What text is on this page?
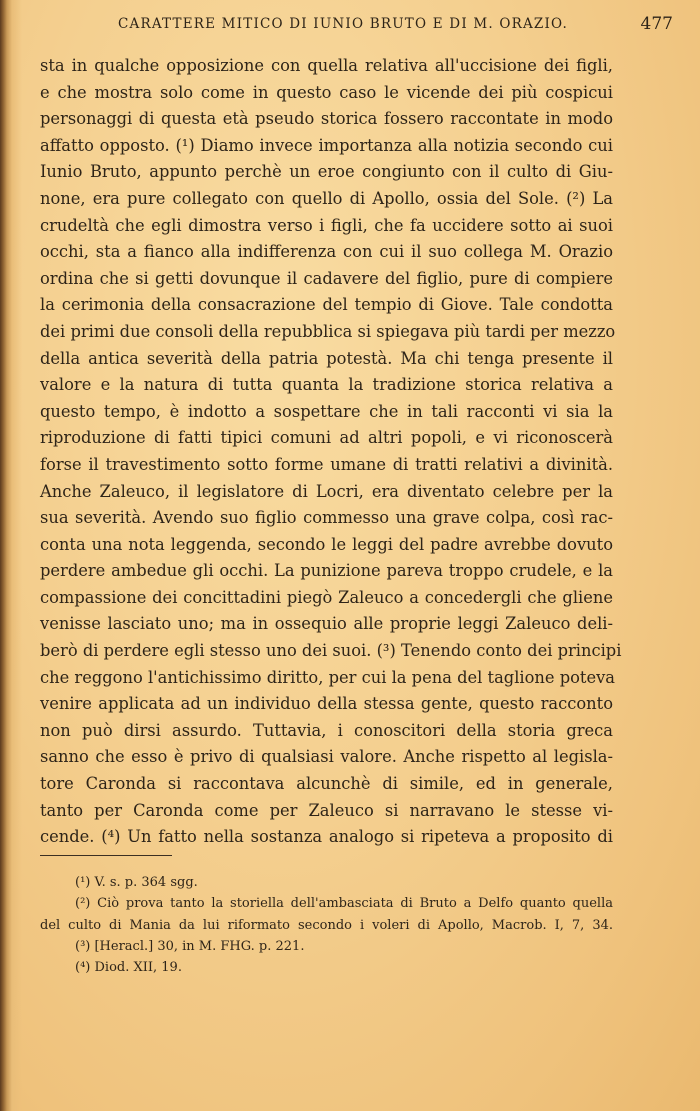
CARATTERE MITICO DI IUNIO BRUTO E DI M. ORAZIO.	477
sta in qualche opposizione con quella relativa all'uccisione dei figli,
e che mostra solo come in questo caso le vicende dei più cospicui
personaggi di questa età pseudo storica fossero raccontate in modo
affatto opposto. (¹) Diamo invece importanza alla notizia secondo cui
Iunio Bruto, appunto perchè un eroe congiunto con il culto di Giu-
none, era pure collegato con quello di Apollo, ossia del Sole. (²) La
crudeltà che egli dimostra verso i figli, che fa uccidere sotto ai suoi
occhi, sta a fianco alla indifferenza con cui il suo collega M. Orazio
ordina che si getti dovunque il cadavere del figlio, pure di compiere
la cerimonia della consacrazione del tempio di Giove. Tale condotta
dei primi due consoli della repubblica si spiegava più tardi per mezzo
della antica severità della patria potestà. Ma chi tenga presente il
valore e la natura di tutta quanta la tradizione storica relativa a
questo tempo, è indotto a sospettare che in tali racconti vi sia la
riproduzione di fatti tipici comuni ad altri popoli, e vi riconoscerà
forse il travestimento sotto forme umane di tratti relativi a divinità.
Anche Zaleuco, il legislatore di Locri, era diventato celebre per la
sua severità. Avendo suo figlio commesso una grave colpa, così rac-
conta una nota leggenda, secondo le leggi del padre avrebbe dovuto
perdere ambedue gli occhi. La punizione pareva troppo crudele, e la
compassione dei concittadini piegò Zaleuco a concedergli che gliene
venisse lasciato uno; ma in ossequio alle proprie leggi Zaleuco deli-
berò di perdere egli stesso uno dei suoi. (³) Tenendo conto dei principi
che reggono l'antichissimo diritto, per cui la pena del taglione poteva
venire applicata ad un individuo della stessa gente, questo racconto
non può dirsi assurdo. Tuttavia, i conoscitori della storia greca
sanno che esso è privo di qualsiasi valore. Anche rispetto al legisla-
tore Caronda si raccontava alcunchè di simile, ed in generale,
tanto per Caronda come per Zaleuco si narravano le stesse vi-
cende. (⁴) Un fatto nella sostanza analogo si ripeteva a proposito di
(¹) V. s. p. 364 sgg.
(²) Ciò prova tanto la storiella dell'ambasciata di Bruto a Delfo quanto quella
del culto di Mania da lui riformato secondo i voleri di Apollo, Macrob. I, 7, 34.
(³) [Heracl.] 30, in M. FHG. p. 221.
(⁴) Diod. XII, 19.
